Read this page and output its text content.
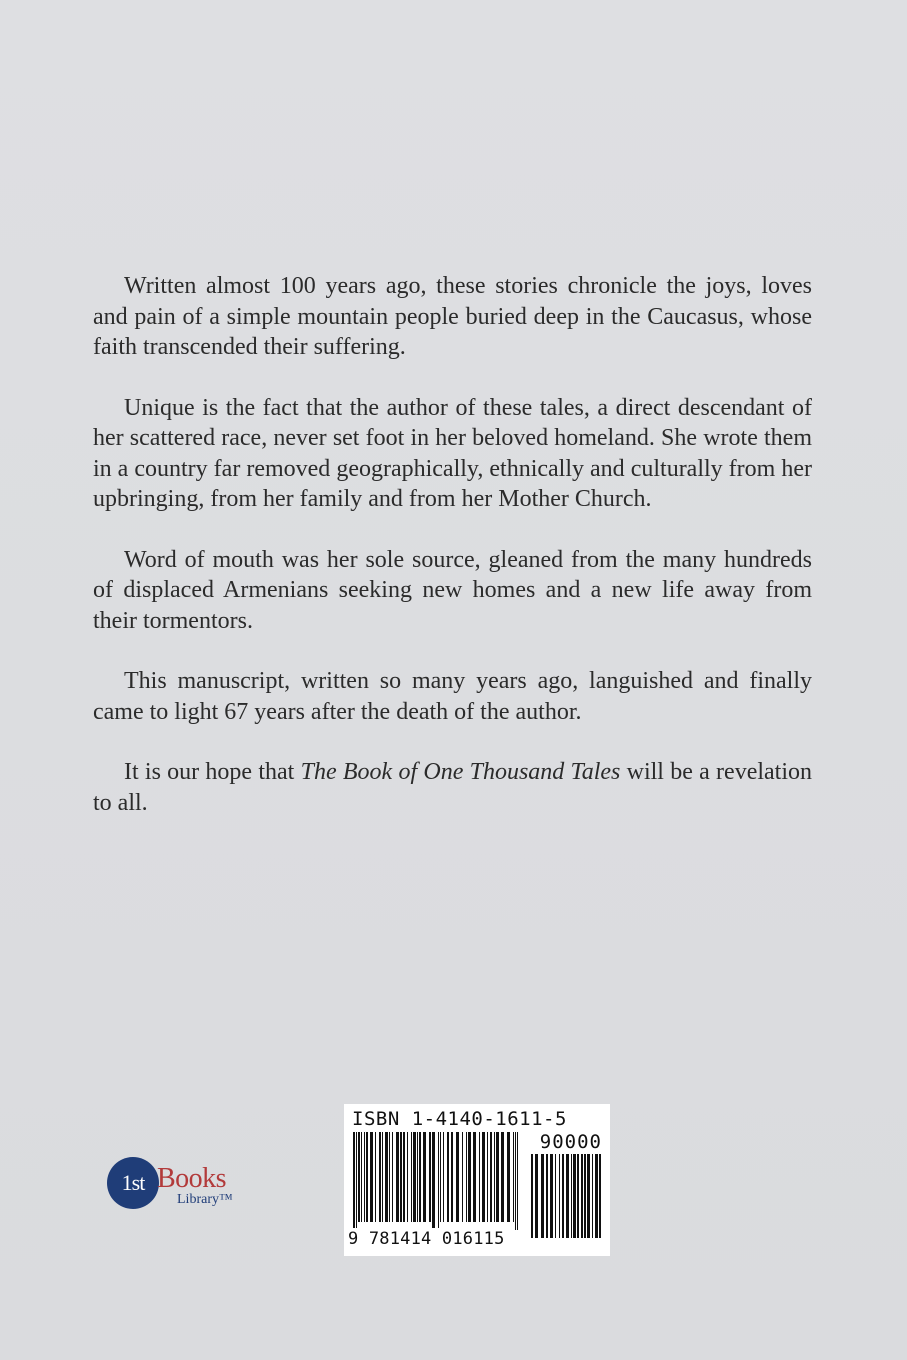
Written almost 100 years ago, these stories chronicle the joys, loves and pain of a simple mountain people buried deep in the Caucasus, whose faith transcended their suffering.

Unique is the fact that the author of these tales, a direct descendant of her scattered race, never set foot in her beloved homeland. She wrote them in a country far removed geographically, ethnically and culturally from her upbringing, from her family and from her Mother Church.

Word of mouth was her sole source, gleaned from the many hundreds of displaced Armenians seeking new homes and a new life away from their tormentors.

This manuscript, written so many years ago, languished and finally came to light 67 years after the death of the author.

It is our hope that The Book of One Thousand Tales will be a revelation to all.

1st Books
Library™
ISBN 1-4140-1611-5
90000
9 781414 016115
